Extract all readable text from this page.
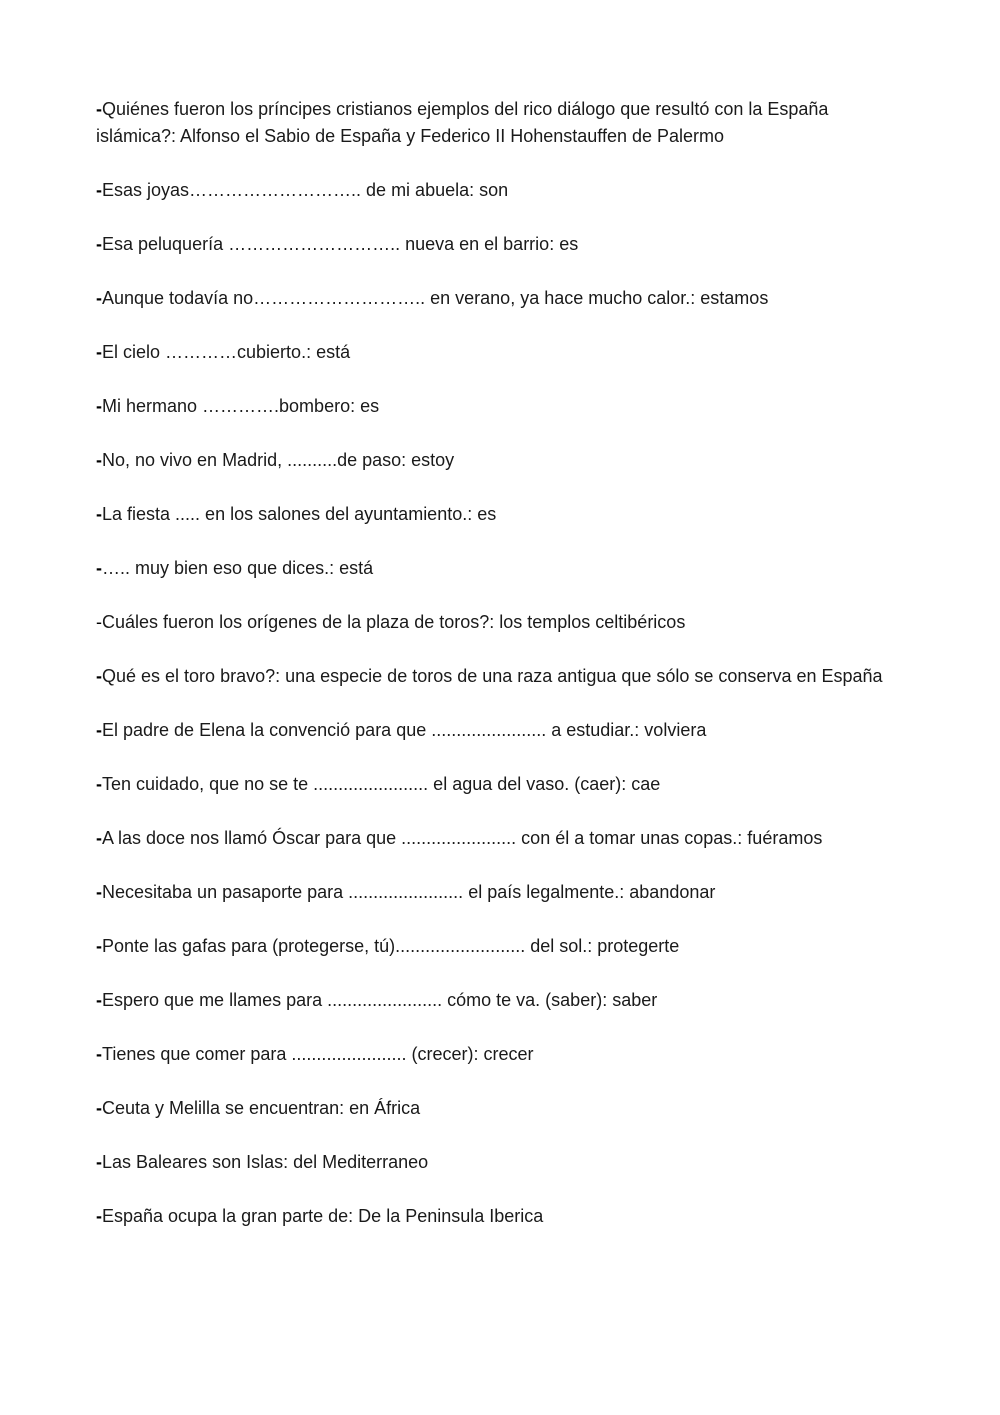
-Quiénes fueron los príncipes cristianos ejemplos del rico diálogo que resultó con la España islámica?: Alfonso el Sabio de España y Federico II Hohenstauffen de Palermo

-Esas joyas……………………….. de mi abuela: son

-Esa peluquería ……………………….. nueva en el barrio: es

-Aunque todavía no……………………….. en verano, ya hace mucho calor.: estamos

-El cielo …………cubierto.: está

-Mi hermano ………….bombero: es

-No, no vivo en Madrid, ..........de paso: estoy

-La fiesta ..... en los salones del ayuntamiento.: es

-….. muy bien eso que dices.: está

-Cuáles fueron los orígenes de la plaza de toros?: los templos celtibéricos

-Qué es el toro bravo?: una especie de toros de una raza antigua que sólo se conserva en España

-El padre de Elena la convenció para que ....................... a estudiar.: volviera

-Ten cuidado, que no se te ....................... el agua del vaso. (caer): cae

-A las doce nos llamó Óscar para que ....................... con él a tomar unas copas.: fuéramos

-Necesitaba un pasaporte para ....................... el país legalmente.: abandonar

-Ponte las gafas para (protegerse, tú).......................... del sol.: protegerte

-Espero que me llames para ....................... cómo te va. (saber): saber

-Tienes que comer para ....................... (crecer): crecer

-Ceuta y Melilla se encuentran: en África

-Las Baleares son Islas: del Mediterraneo

-España ocupa la gran parte de: De la Peninsula Iberica
